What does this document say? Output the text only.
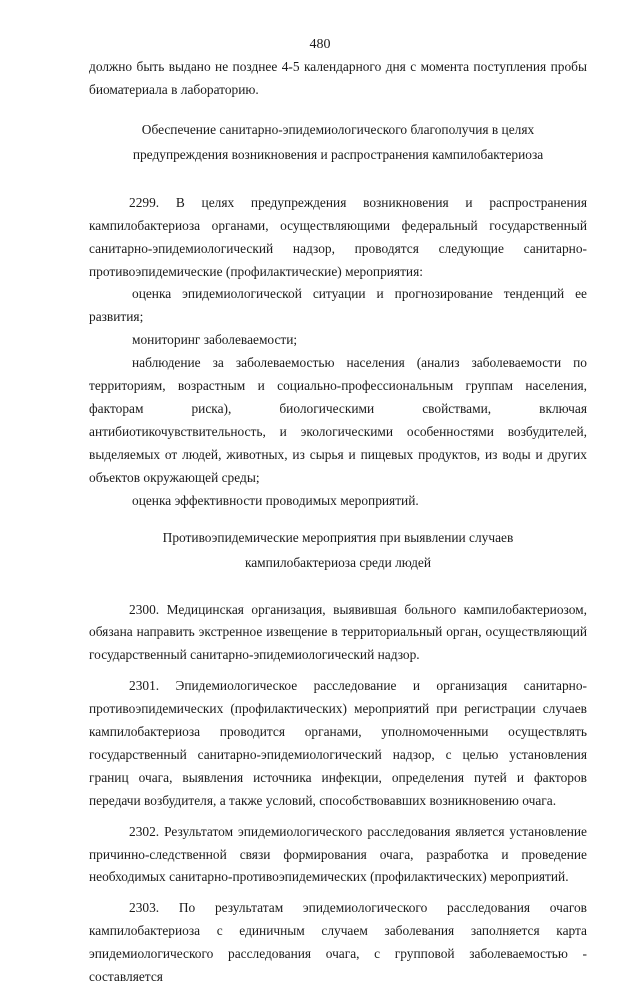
480

должно быть выдано не позднее 4-5 календарного дня с момента поступления пробы биоматериала в лабораторию.

Обеспечение санитарно-эпидемиологического благополучия в целях
предупреждения возникновения и распространения кампилобактериоза

2299. В целях предупреждения возникновения и распространения кампилобактериоза органами, осуществляющими федеральный государственный санитарно-эпидемиологический надзор, проводятся следующие санитарно-противоэпидемические (профилактические) мероприятия:

оценка эпидемиологической ситуации и прогнозирование тенденций ее развития;

мониторинг заболеваемости;

наблюдение за заболеваемостью населения (анализ заболеваемости по территориям, возрастным и социально-профессиональным группам населения, факторам риска), биологическими свойствами, включая антибиотикочувствительность, и экологическими особенностями возбудителей, выделяемых от людей, животных, из сырья и пищевых продуктов, из воды и других объектов окружающей среды;

оценка эффективности проводимых мероприятий.

Противоэпидемические мероприятия при выявлении случаев
кампилобактериоза среди людей

2300. Медицинская организация, выявившая больного кампилобактериозом, обязана направить экстренное извещение в территориальный орган, осуществляющий государственный санитарно-эпидемиологический надзор.

2301. Эпидемиологическое расследование и организация санитарно-противоэпидемических (профилактических) мероприятий при регистрации случаев кампилобактериоза проводится органами, уполномоченными осуществлять государственный санитарно-эпидемиологический надзор, с целью установления границ очага, выявления источника инфекции, определения путей и факторов передачи возбудителя, а также условий, способствовавших возникновению очага.

2302. Результатом эпидемиологического расследования является установление причинно-следственной связи формирования очага, разработка и проведение необходимых санитарно-противоэпидемических (профилактических) мероприятий.

2303. По результатам эпидемиологического расследования очагов кампилобактериоза с единичным случаем заболевания заполняется карта эпидемиологического расследования очага, с групповой заболеваемостью - составляется
